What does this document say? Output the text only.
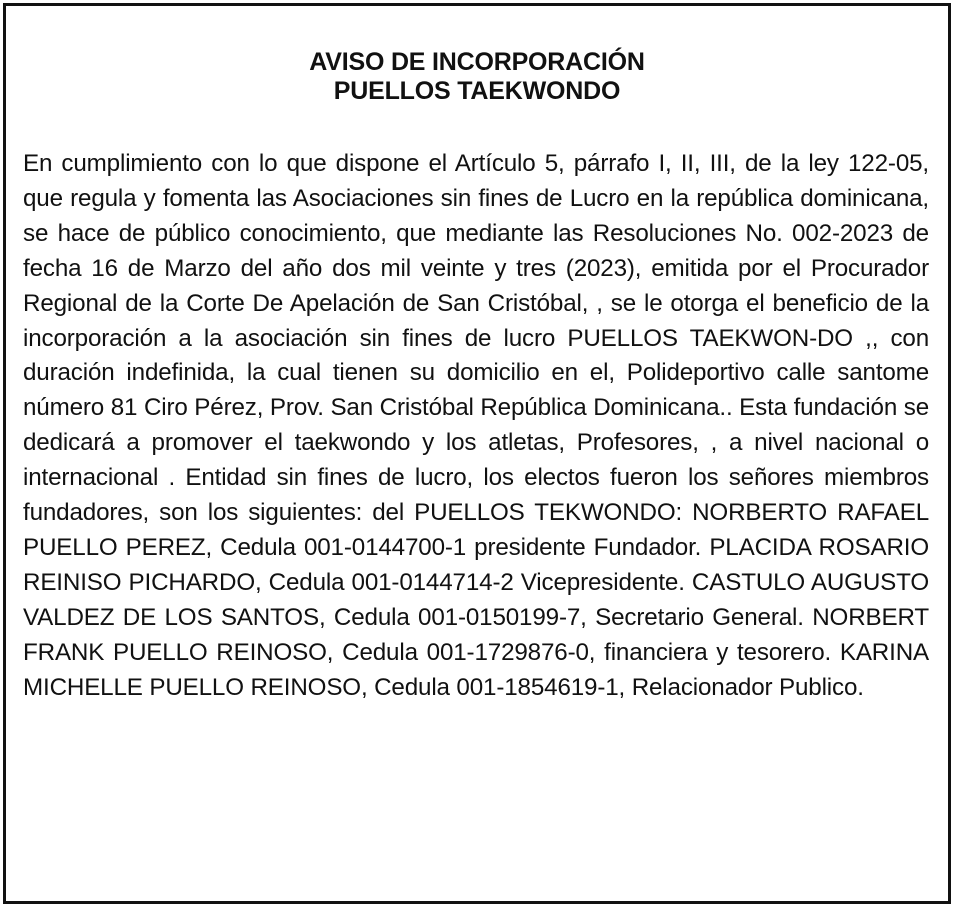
AVISO DE INCORPORACIÓN
PUELLOS TAEKWONDO

En cumplimiento con lo que dispone el Artículo 5, párrafo I, II, III, de la ley 122-05, que regula y fomenta las Asociaciones sin fines de Lucro en la república dominicana, se hace de público conocimiento, que mediante las Resoluciones No. 002-2023 de fecha 16 de Marzo del año dos mil veinte y tres (2023), emitida por el Procurador Regional de la Corte De Apelación de San Cristóbal, , se le otorga el beneficio de la incorporación a la asociación sin fines de lucro PUELLOS TAEKWON-DO ,, con duración indefinida, la cual tienen su domicilio en el, Polideportivo calle santome número 81 Ciro Pérez, Prov. San Cristóbal República Dominicana.. Esta fundación se dedicará a promover el taekwondo y los atletas, Profesores, , a nivel nacional o internacional . Entidad sin fines de lucro, los electos fueron los señores miembros fundadores, son los siguientes: del PUELLOS TEKWONDO: NORBERTO RAFAEL PUELLO PEREZ, Cedula 001-0144700-1 presidente Fundador. PLACIDA ROSARIO REINISO PICHARDO, Cedula 001-0144714-2 Vicepresidente. CASTULO AUGUSTO VALDEZ DE LOS SANTOS, Cedula 001-0150199-7, Secretario General. NORBERT FRANK PUELLO REINOSO, Cedula 001-1729876-0, financiera y tesorero. KARINA MICHELLE PUELLO REINOSO, Cedula 001-1854619-1, Relacionador Publico.
